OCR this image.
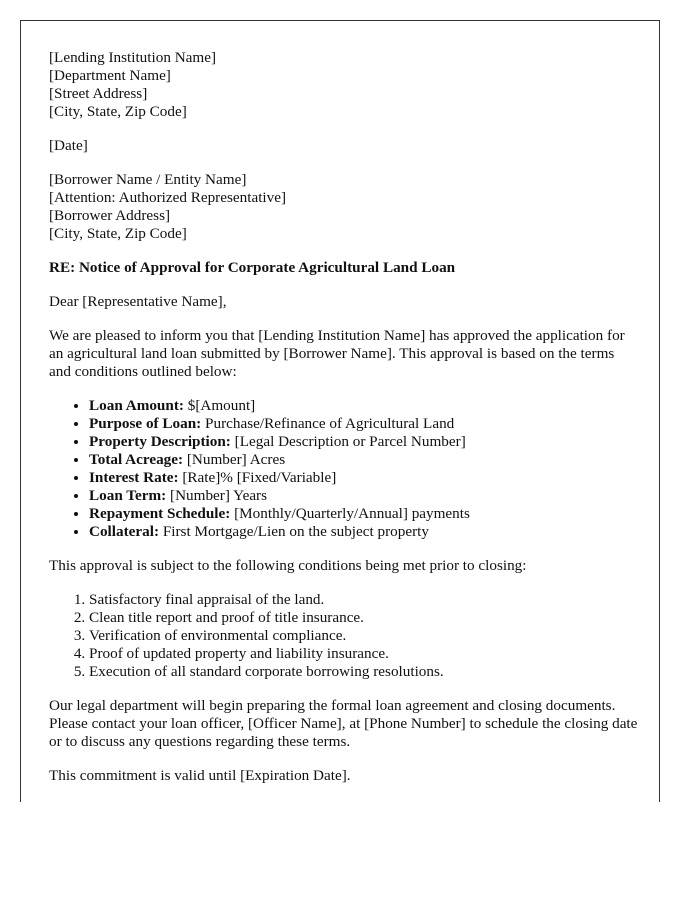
[Lending Institution Name]
[Department Name]
[Street Address]
[City, State, Zip Code]
[Date]
[Borrower Name / Entity Name]
[Attention: Authorized Representative]
[Borrower Address]
[City, State, Zip Code]

RE: Notice of Approval for Corporate Agricultural Land Loan

Dear [Representative Name],

We are pleased to inform you that [Lending Institution Name] has approved the application for an agricultural land loan submitted by [Borrower Name]. This approval is based on the terms and conditions outlined below:

• Loan Amount: $[Amount]
• Purpose of Loan: Purchase/Refinance of Agricultural Land
• Property Description: [Legal Description or Parcel Number]
• Total Acreage: [Number] Acres
• Interest Rate: [Rate]% [Fixed/Variable]
• Loan Term: [Number] Years
• Repayment Schedule: [Monthly/Quarterly/Annual] payments
• Collateral: First Mortgage/Lien on the subject property

This approval is subject to the following conditions being met prior to closing:

1. Satisfactory final appraisal of the land.
2. Clean title report and proof of title insurance.
3. Verification of environmental compliance.
4. Proof of updated property and liability insurance.
5. Execution of all standard corporate borrowing resolutions.

Our legal department will begin preparing the formal loan agreement and closing documents. Please contact your loan officer, [Officer Name], at [Phone Number] to schedule the closing date or to discuss any questions regarding these terms.

This commitment is valid until [Expiration Date].
